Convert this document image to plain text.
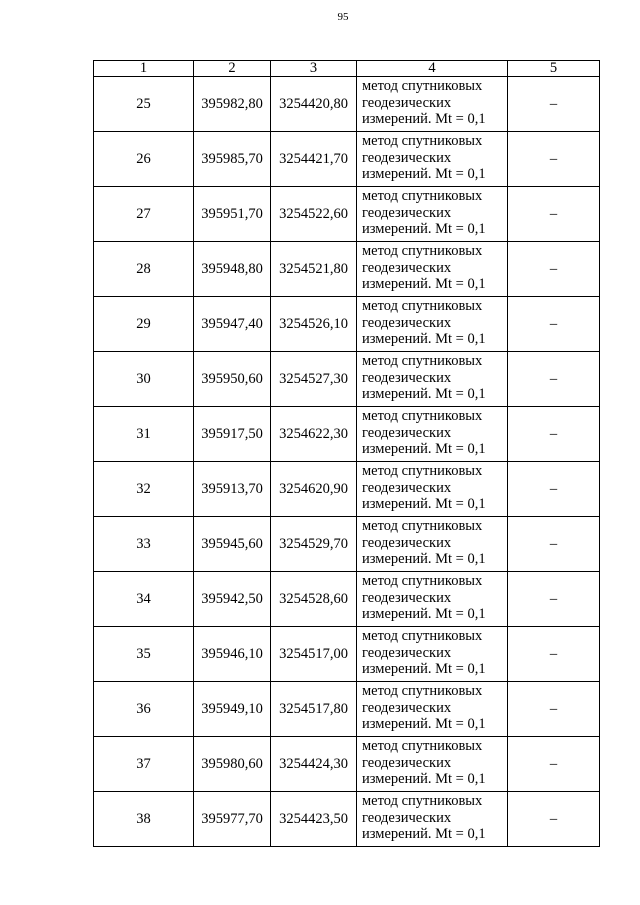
95
1	2	3	4	5
25	395982,80	3254420,80	метод спутниковых
геодезических
измерений. Mt = 0,1	–
26	395985,70	3254421,70	метод спутниковых
геодезических
измерений. Mt = 0,1	–
27	395951,70	3254522,60	метод спутниковых
геодезических
измерений. Mt = 0,1	–
28	395948,80	3254521,80	метод спутниковых
геодезических
измерений. Mt = 0,1	–
29	395947,40	3254526,10	метод спутниковых
геодезических
измерений. Mt = 0,1	–
30	395950,60	3254527,30	метод спутниковых
геодезических
измерений. Mt = 0,1	–
31	395917,50	3254622,30	метод спутниковых
геодезических
измерений. Mt = 0,1	–
32	395913,70	3254620,90	метод спутниковых
геодезических
измерений. Mt = 0,1	–
33	395945,60	3254529,70	метод спутниковых
геодезических
измерений. Mt = 0,1	–
34	395942,50	3254528,60	метод спутниковых
геодезических
измерений. Mt = 0,1	–
35	395946,10	3254517,00	метод спутниковых
геодезических
измерений. Mt = 0,1	–
36	395949,10	3254517,80	метод спутниковых
геодезических
измерений. Mt = 0,1	–
37	395980,60	3254424,30	метод спутниковых
геодезических
измерений. Mt = 0,1	–
38	395977,70	3254423,50	метод спутниковых
геодезических
измерений. Mt = 0,1	–
